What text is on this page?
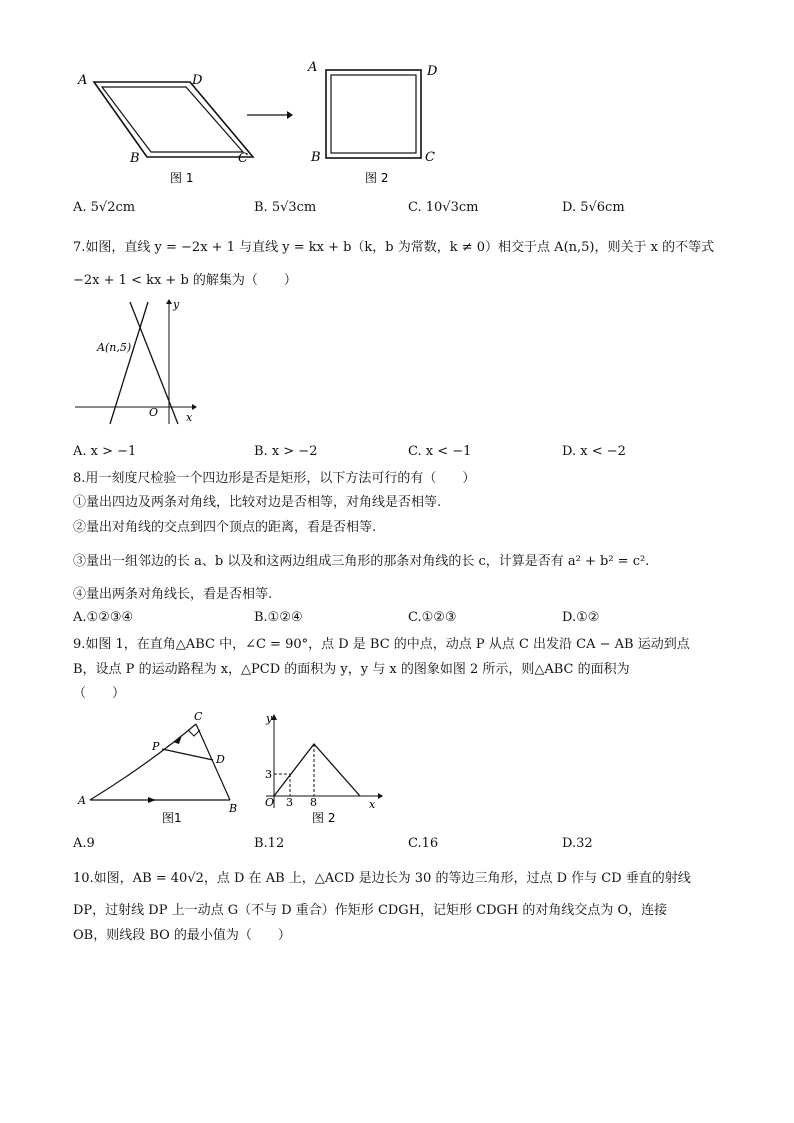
A	D
B	C
图 1
A	D
B	C
图 2
A. 5√2cm	B. 5√3cm	C. 10√3cm	D. 5√6cm
7.如图，直线 y = −2x + 1 与直线 y = kx + b（k，b 为常数，k ≠ 0）相交于点 A(n,5)，则关于 x 的不等式
−2x + 1 < kx + b 的解集为（　　）
A(n,5)
y
x
O
A. x > −1	B. x > −2	C. x < −1	D. x < −2
8.用一刻度尺检验一个四边形是否是矩形，以下方法可行的有（　　）
①量出四边及两条对角线，比较对边是否相等，对角线是否相等.
②量出对角线的交点到四个顶点的距离，看是否相等.
③量出一组邻边的长 a、b 以及和这两边组成三角形的那条对角线的长 c，计算是否有 a² + b² = c².
④量出两条对角线长，看是否相等.
A.①②③④	B.①②④	C.①②③	D.①②
9.如图 1，在直角△ABC 中，∠C = 90°，点 D 是 BC 的中点，动点 P 从点 C 出发沿 CA − AB 运动到点
B，设点 P 的运动路程为 x，△PCD 的面积为 y，y 与 x 的图象如图 2 所示，则△ABC 的面积为
（　　）
A
B
C
D
P
图1
y
x
O
3
3 8
图 2
A.9	B.12	C.16	D.32
10.如图，AB = 40√2，点 D 在 AB 上，△ACD 是边长为 30 的等边三角形，过点 D 作与 CD 垂直的射线
DP，过射线 DP 上一动点 G（不与 D 重合）作矩形 CDGH，记矩形 CDGH 的对角线交点为 O，连接
OB，则线段 BO 的最小值为（　　）
